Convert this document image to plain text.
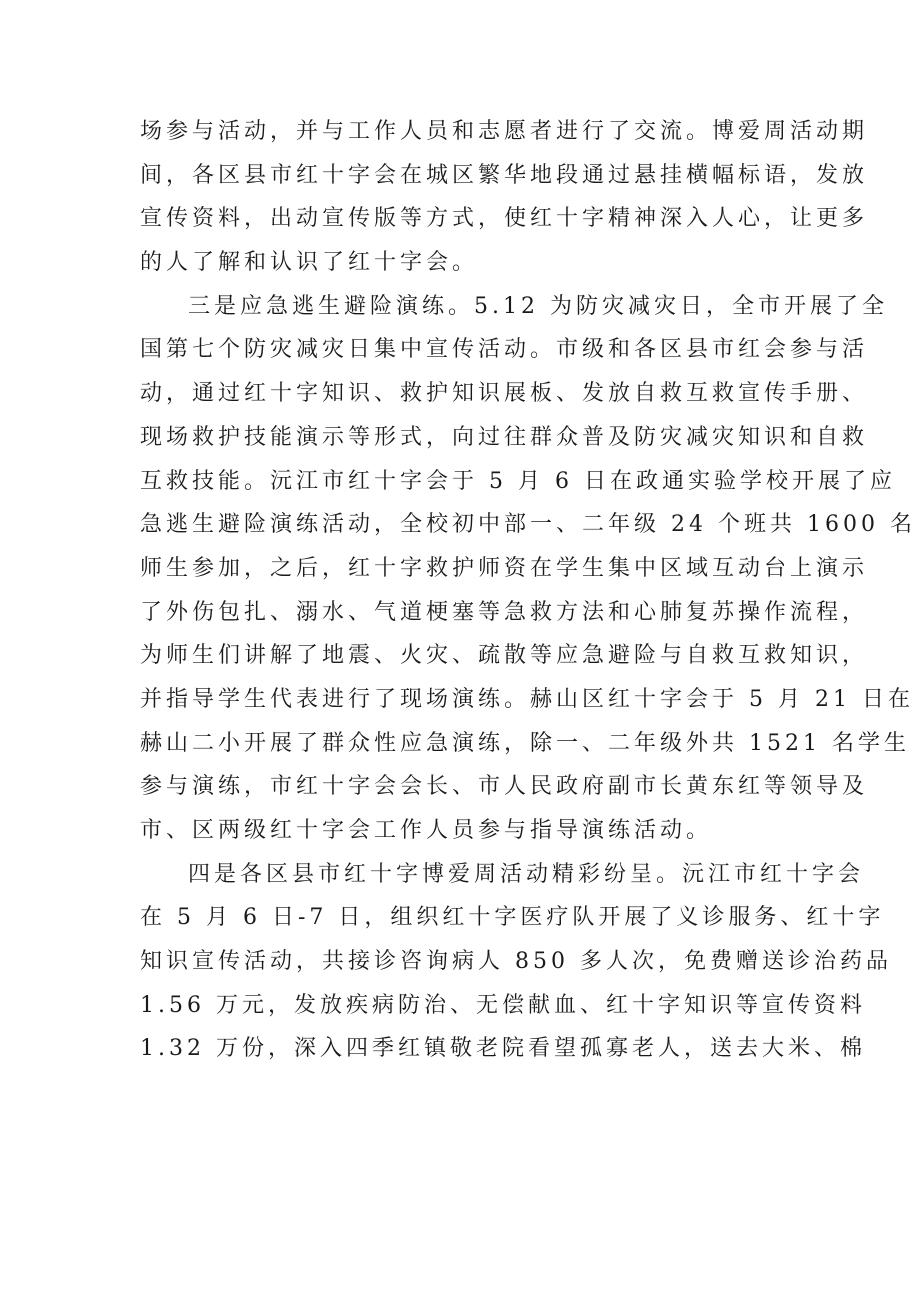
场参与活动，并与工作人员和志愿者进行了交流。博爱周活动期
间，各区县市红十字会在城区繁华地段通过悬挂横幅标语，发放
宣传资料，出动宣传版等方式，使红十字精神深入人心，让更多
的人了解和认识了红十字会。
三是应急逃生避险演练。5.12 为防灾减灾日，全市开展了全
国第七个防灾减灾日集中宣传活动。市级和各区县市红会参与活
动，通过红十字知识、救护知识展板、发放自救互救宣传手册、
现场救护技能演示等形式，向过往群众普及防灾减灾知识和自救
互救技能。沅江市红十字会于 5 月 6 日在政通实验学校开展了应
急逃生避险演练活动，全校初中部一、二年级 24 个班共 1600 名
师生参加，之后，红十字救护师资在学生集中区域互动台上演示
了外伤包扎、溺水、气道梗塞等急救方法和心肺复苏操作流程，
为师生们讲解了地震、火灾、疏散等应急避险与自救互救知识，
并指导学生代表进行了现场演练。赫山区红十字会于 5 月 21 日在
赫山二小开展了群众性应急演练，除一、二年级外共 1521 名学生
参与演练，市红十字会会长、市人民政府副市长黄东红等领导及
市、区两级红十字会工作人员参与指导演练活动。
四是各区县市红十字博爱周活动精彩纷呈。沅江市红十字会
在 5 月 6 日-7 日，组织红十字医疗队开展了义诊服务、红十字
知识宣传活动，共接诊咨询病人 850 多人次，免费赠送诊治药品
1.56 万元，发放疾病防治、无偿献血、红十字知识等宣传资料
1.32 万份，深入四季红镇敬老院看望孤寡老人，送去大米、棉
